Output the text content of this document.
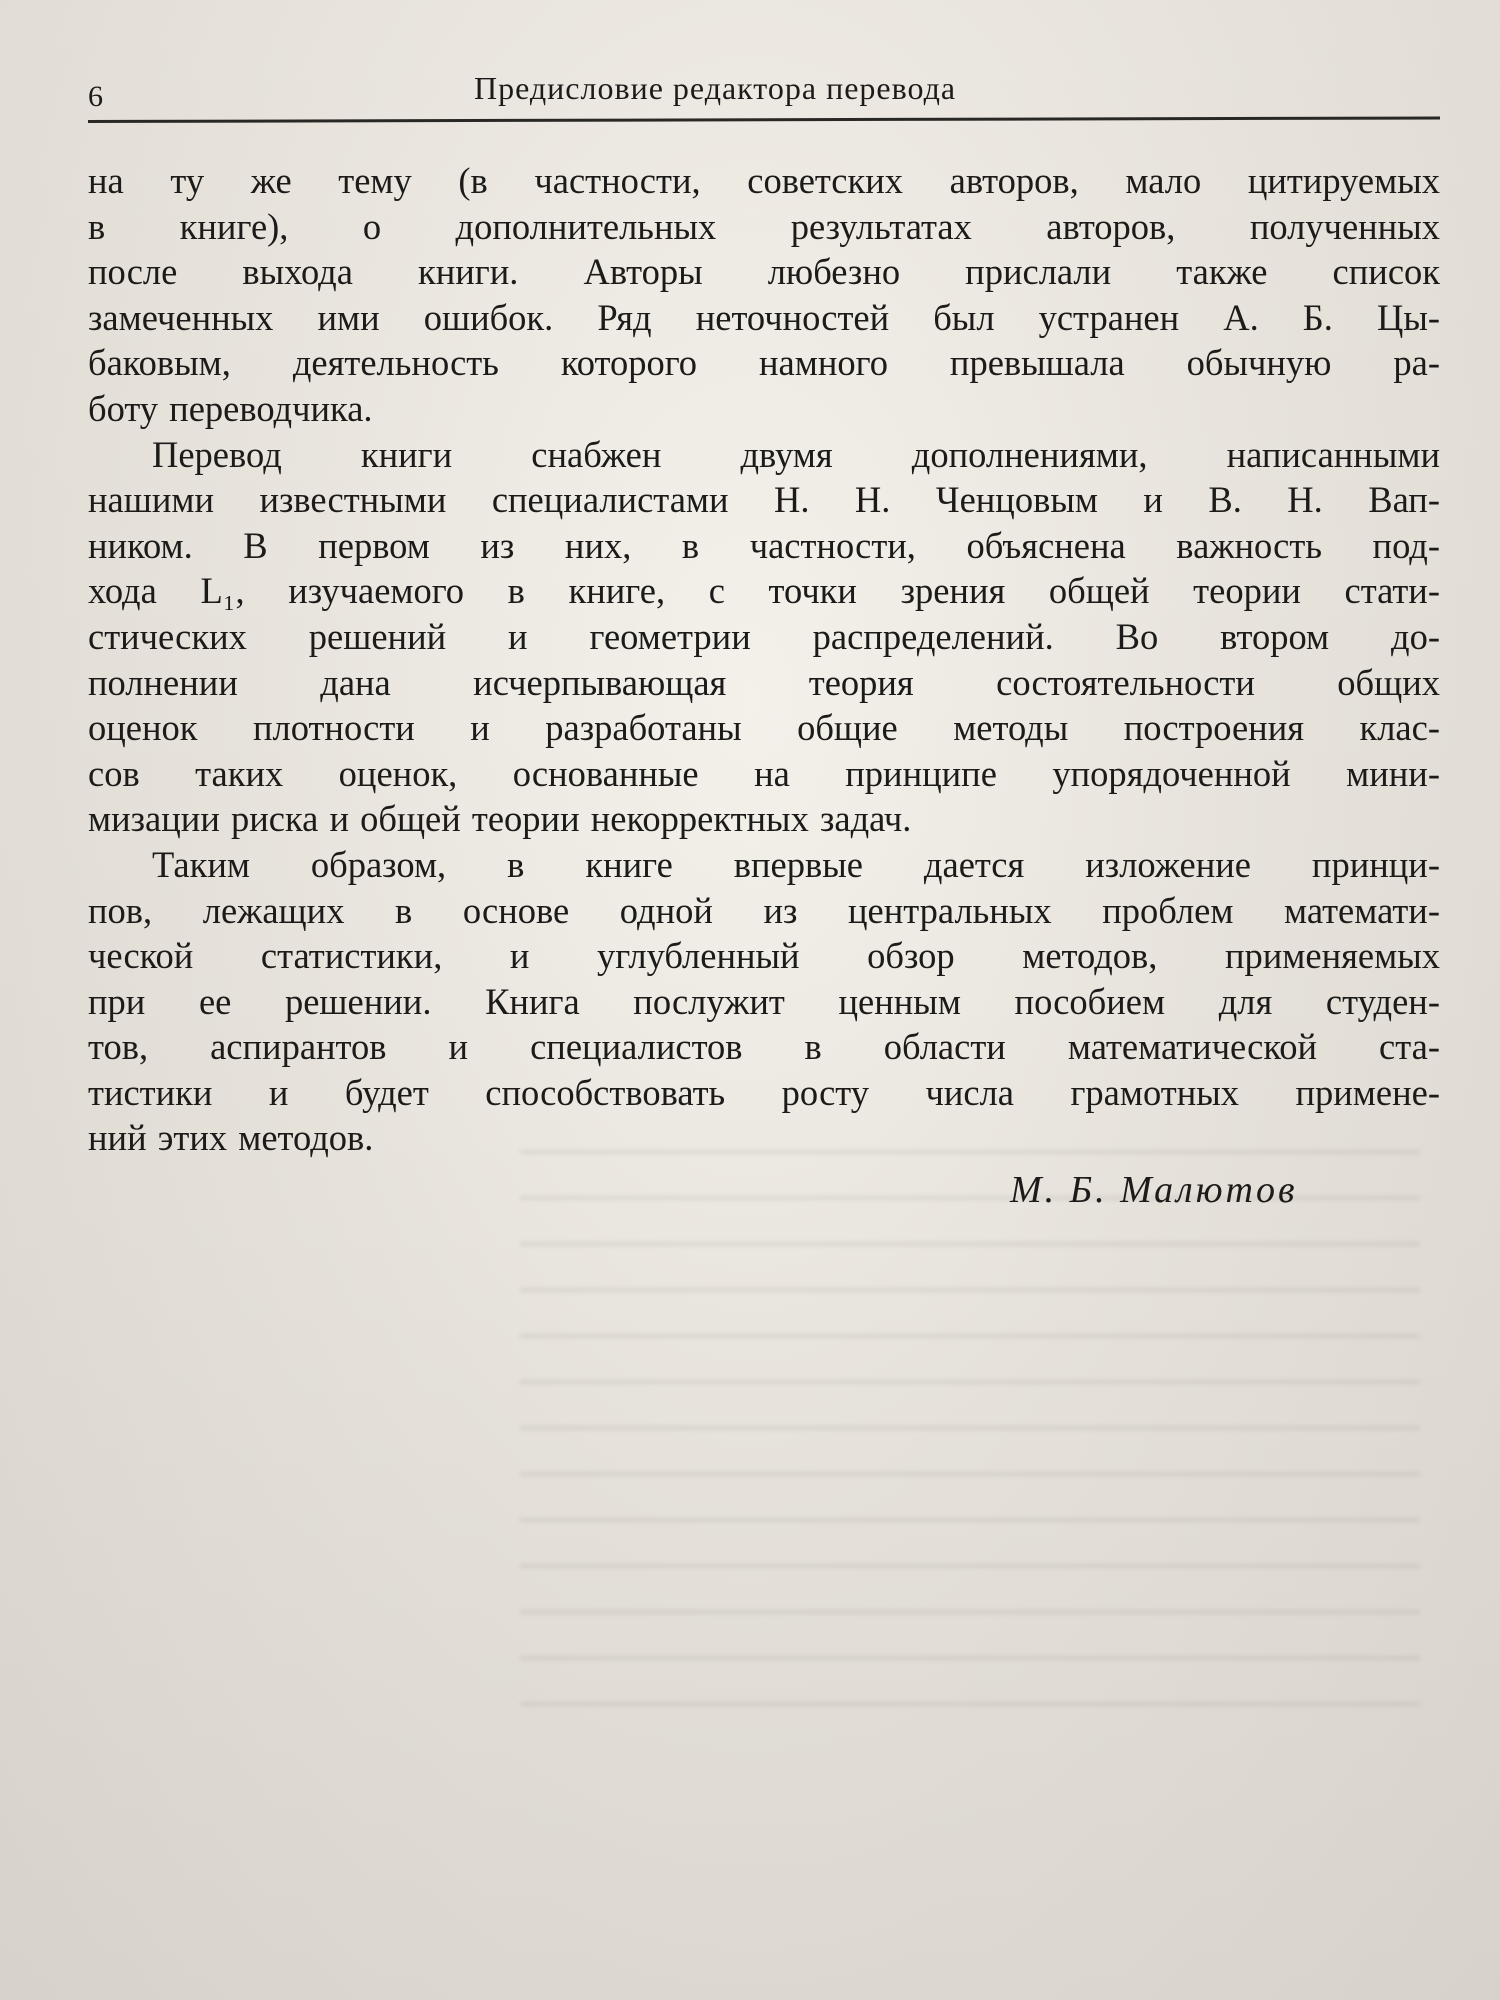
6	Предисловие редактора перевода

на ту же тему (в частности, советских авторов, мало цитируемых
в книге), о дополнительных результатах авторов, полученных
после выхода книги. Авторы любезно прислали также список
замеченных ими ошибок. Ряд неточностей был устранен А. Б. Цы-
баковым, деятельность которого намного превышала обычную ра-
боту переводчика.

Перевод книги снабжен двумя дополнениями, написанными
нашими известными специалистами Н. Н. Ченцовым и В. Н. Вап-
ником. В первом из них, в частности, объяснена важность под-
хода L₁, изучаемого в книге, с точки зрения общей теории стати-
стических решений и геометрии распределений. Во втором до-
полнении дана исчерпывающая теория состоятельности общих
оценок плотности и разработаны общие методы построения клас-
сов таких оценок, основанные на принципе упорядоченной мини-
мизации риска и общей теории некорректных задач.

Таким образом, в книге впервые дается изложение принци-
пов, лежащих в основе одной из центральных проблем математи-
ческой статистики, и углубленный обзор методов, применяемых
при ее решении. Книга послужит ценным пособием для студен-
тов, аспирантов и специалистов в области математической ста-
тистики и будет способствовать росту числа грамотных примене-
ний этих методов.

М. Б. Малютов
